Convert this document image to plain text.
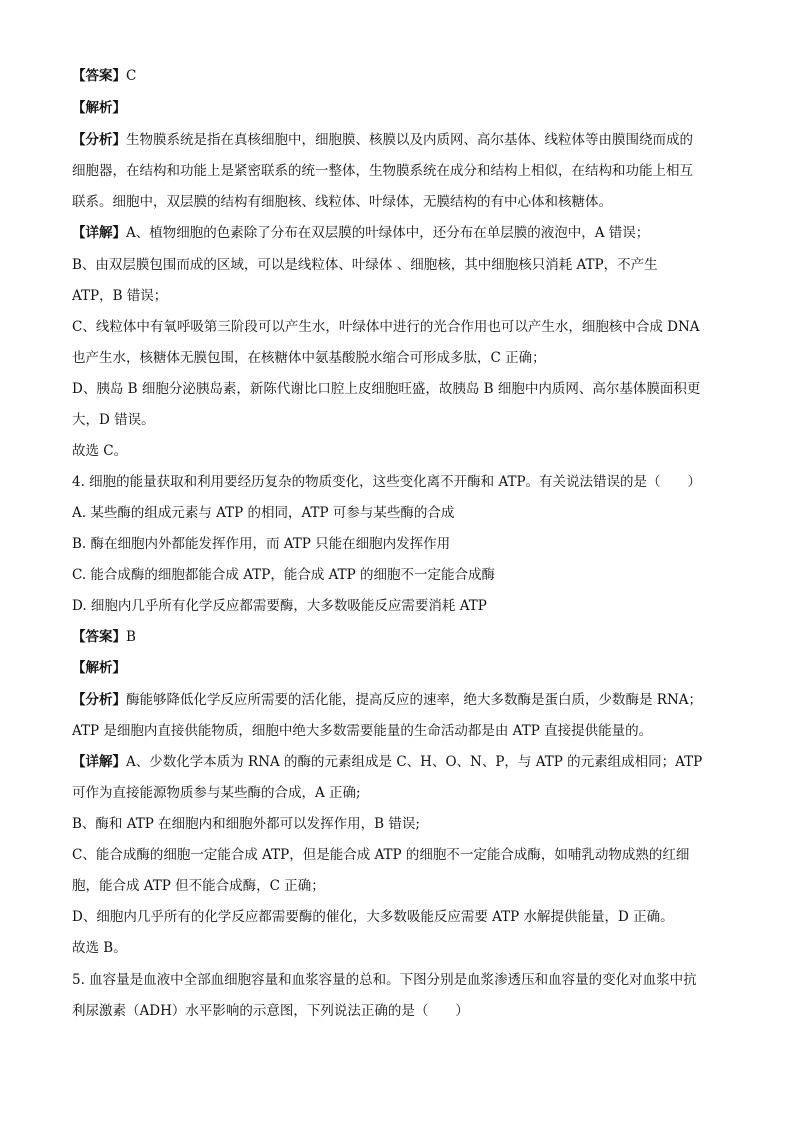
【答案】C
【解析】
【分析】生物膜系统是指在真核细胞中，细胞膜、核膜以及内质网、高尔基体、线粒体等由膜围绕而成的
细胞器，在结构和功能上是紧密联系的统一整体，生物膜系统在成分和结构上相似，在结构和功能上相互
联系。细胞中，双层膜的结构有细胞核、线粒体、叶绿体，无膜结构的有中心体和核糖体。
【详解】A、植物细胞的色素除了分布在双层膜的叶绿体中，还分布在单层膜的液泡中，A 错误；
B、由双层膜包围而成的区域，可以是线粒体、叶绿体 、细胞核，其中细胞核只消耗 ATP，不产生
ATP，B 错误；
C、线粒体中有氧呼吸第三阶段可以产生水，叶绿体中进行的光合作用也可以产生水，细胞核中合成 DNA
也产生水，核糖体无膜包围，在核糖体中氨基酸脱水缩合可形成多肽，C 正确；
D、胰岛 B 细胞分泌胰岛素，新陈代谢比口腔上皮细胞旺盛，故胰岛 B 细胞中内质网、高尔基体膜面积更
大，D 错误。
故选 C。
4. 细胞的能量获取和利用要经历复杂的物质变化，这些变化离不开酶和 ATP。有关说法错误的是（　　）
A. 某些酶的组成元素与 ATP 的相同，ATP 可参与某些酶的合成
B. 酶在细胞内外都能发挥作用，而 ATP 只能在细胞内发挥作用
C. 能合成酶的细胞都能合成 ATP，能合成 ATP 的细胞不一定能合成酶
D. 细胞内几乎所有化学反应都需要酶，大多数吸能反应需要消耗 ATP
【答案】B
【解析】
【分析】酶能够降低化学反应所需要的活化能，提高反应的速率，绝大多数酶是蛋白质，少数酶是 RNA；
ATP 是细胞内直接供能物质，细胞中绝大多数需要能量的生命活动都是由 ATP 直接提供能量的。
【详解】A、少数化学本质为 RNA 的酶的元素组成是 C、H、O、N、P，与 ATP 的元素组成相同；ATP
可作为直接能源物质参与某些酶的合成，A 正确;
B、酶和 ATP 在细胞内和细胞外都可以发挥作用，B 错误;
C、能合成酶的细胞一定能合成 ATP，但是能合成 ATP 的细胞不一定能合成酶，如哺乳动物成熟的红细
胞，能合成 ATP 但不能合成酶，C 正确；
D、细胞内几乎所有的化学反应都需要酶的催化，大多数吸能反应需要 ATP 水解提供能量，D 正确。
故选 B。
5. 血容量是血液中全部血细胞容量和血浆容量的总和。下图分别是血浆渗透压和血容量的变化对血浆中抗
利尿激素（ADH）水平影响的示意图，下列说法正确的是（　　）
